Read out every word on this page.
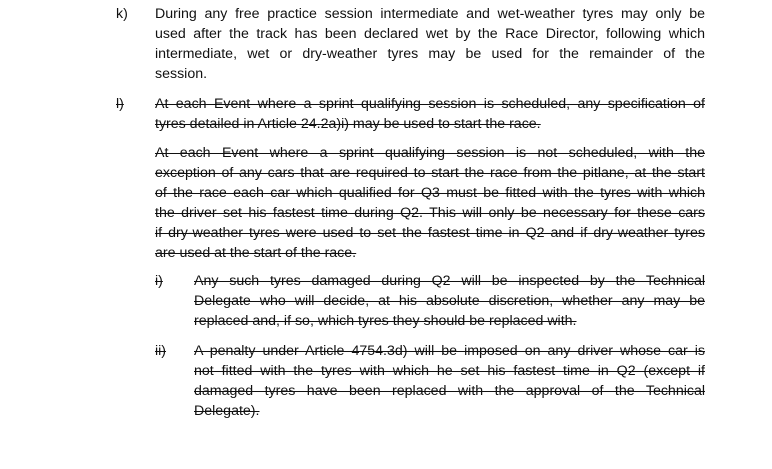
k) During any free practice session intermediate and wet-weather tyres may only be
used after the track has been declared wet by the Race Director, following which
intermediate, wet or dry-weather tyres may be used for the remainder of the
session.
l)	At each Event where a sprint qualifying session is scheduled, any specification of
tyres detailed in Article 24.2a)i) may be used to start the race.
At each Event where a sprint qualifying session is not scheduled, with the
exception of any cars that are required to start the race from the pitlane, at the start
of the race each car which qualified for Q3 must be fitted with the tyres with which
the driver set his fastest time during Q2. This will only be necessary for these cars
if dry-weather tyres were used to set the fastest time in Q2 and if dry-weather tyres
are used at the start of the race.
i)	Any such tyres damaged during Q2 will be inspected by the Technical
Delegate who will decide, at his absolute discretion, whether any may be
replaced and, if so, which tyres they should be replaced with.
ii)	A penalty under Article 4754.3d) will be imposed on any driver whose car is
not fitted with the tyres with which he set his fastest time in Q2 (except if
damaged tyres have been replaced with the approval of the Technical
Delegate).
